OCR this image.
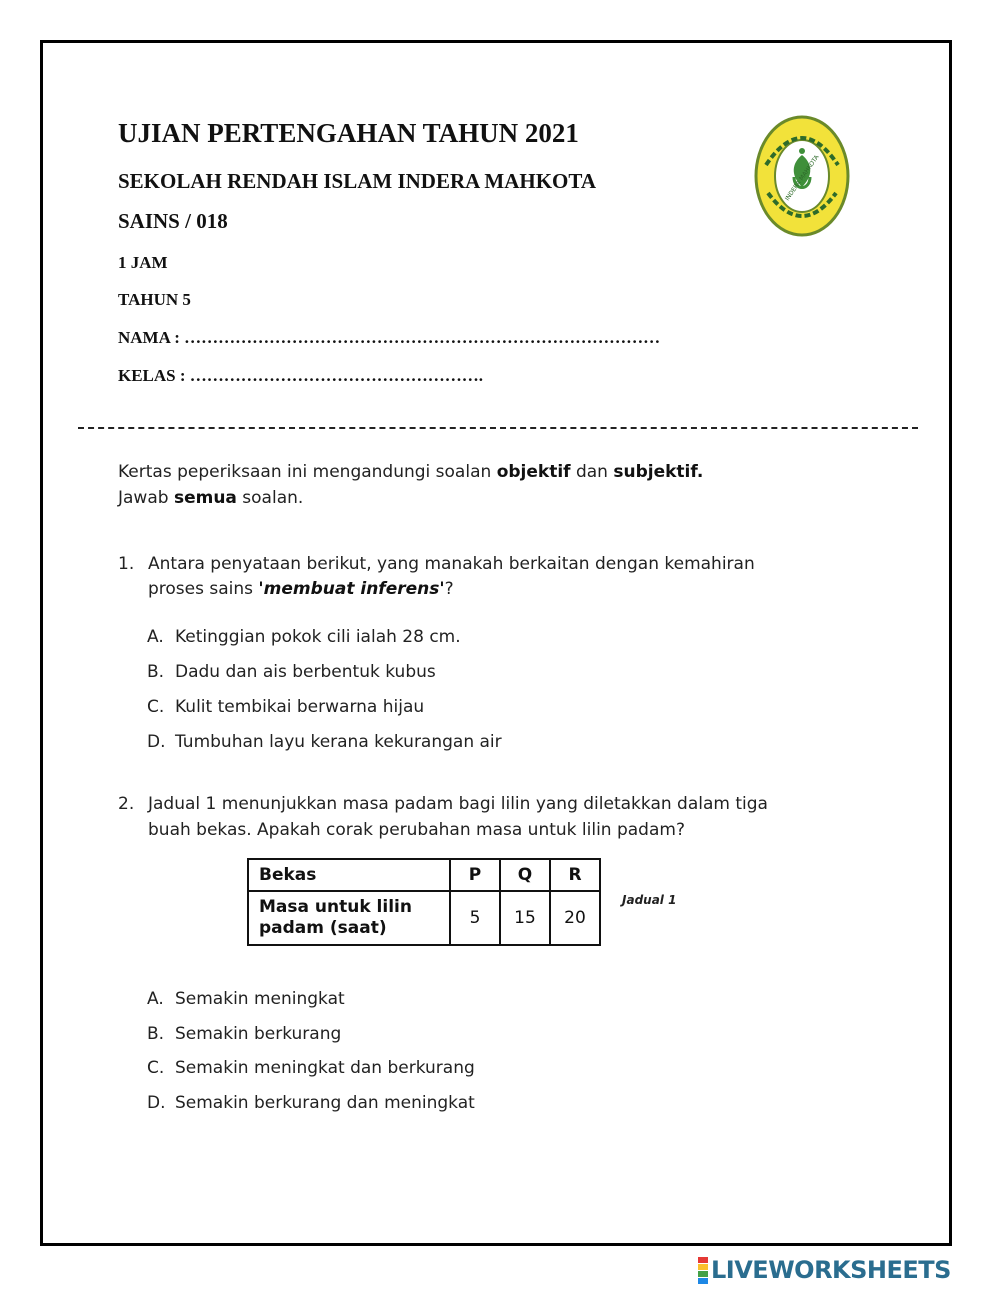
UJIAN PERTENGAHAN TAHUN 2021
SEKOLAH RENDAH ISLAM INDERA MAHKOTA
SAINS / 018
1 JAM
TAHUN 5
NAMA : …………………………………………………………………………
KELAS : …………………………………………….
INDERA MAHKOTA
Kertas peperiksaan ini mengandungi soalan objektif dan subjektif.
Jawab semua soalan.
1. Antara penyataan berikut, yang manakah berkaitan dengan kemahiran
proses sains 'membuat inferens'?
A. Ketinggian pokok cili ialah 28 cm.
B. Dadu dan ais berbentuk kubus
C. Kulit tembikai berwarna hijau
D. Tumbuhan layu kerana kekurangan air
2. Jadual 1 menunjukkan masa padam bagi lilin yang diletakkan dalam tiga
buah bekas. Apakah corak perubahan masa untuk lilin padam?
Bekas	P	Q	R
Masa untuk lilin
padam (saat)	5	15	20
Jadual 1
A. Semakin meningkat
B. Semakin berkurang
C. Semakin meningkat dan berkurang
D. Semakin berkurang dan meningkat
LIVEWORKSHEETS
